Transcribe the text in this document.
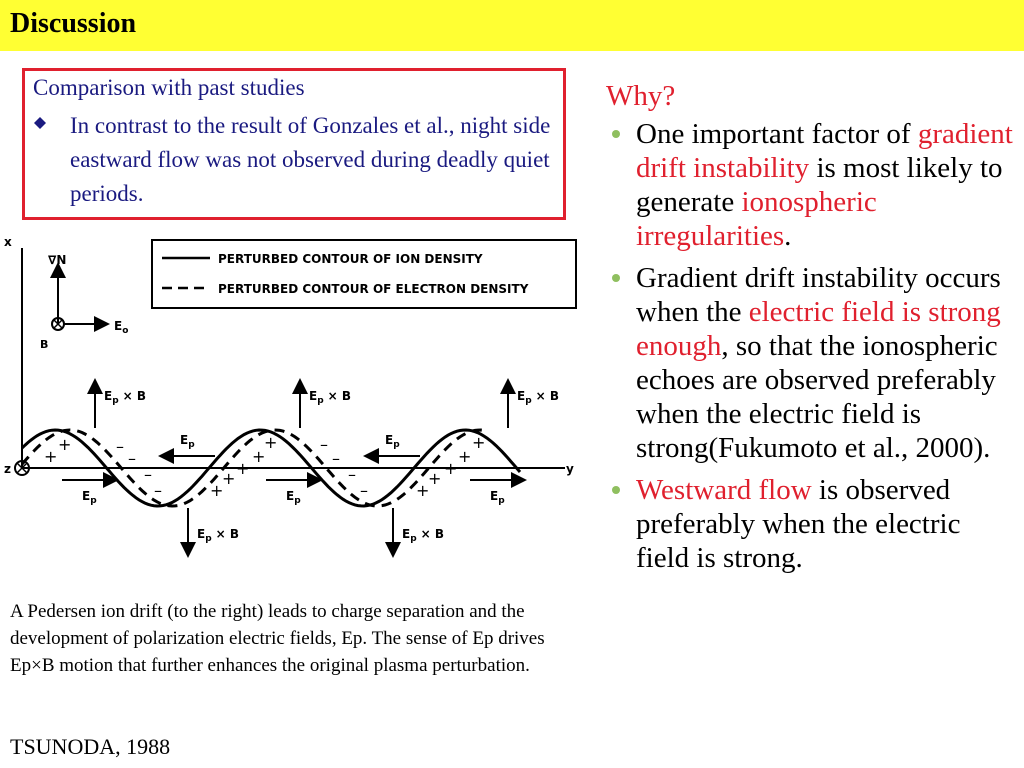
Discussion
Comparison with past studies
In contrast to the result of Gonzales et al., night side eastward flow was not observed during deadly quiet periods.
PERTURBED CONTOUR OF ION DENSITY
PERTURBED CONTOUR OF ELECTRON DENSITY
x
y
z
∇N
$E_o$
B
$E_p \times B$	$E_p \times B$	$E_p \times B$
$E_p \times B$	$E_p \times B$
$E_p$	$E_p$
$E_p$	$E_p$	$E_p$
+
+	–
–
–
–	+
+
+
+
+	–
–
–
–	+
+
+
+
+
A Pedersen ion drift (to the right) leads to charge separation and the development of polarization electric fields, Ep. The sense of Ep drives Ep×B motion that further enhances the original plasma perturbation.
TSUNODA, 1988
Why?
One important factor of gradient drift instability is most likely to generate ionospheric irregularities.
Gradient drift instability occurs when the electric field is strong enough, so that the ionospheric echoes are observed preferably when the electric field is strong(Fukumoto et al., 2000).
Westward flow is observed preferably when the electric field is strong.
